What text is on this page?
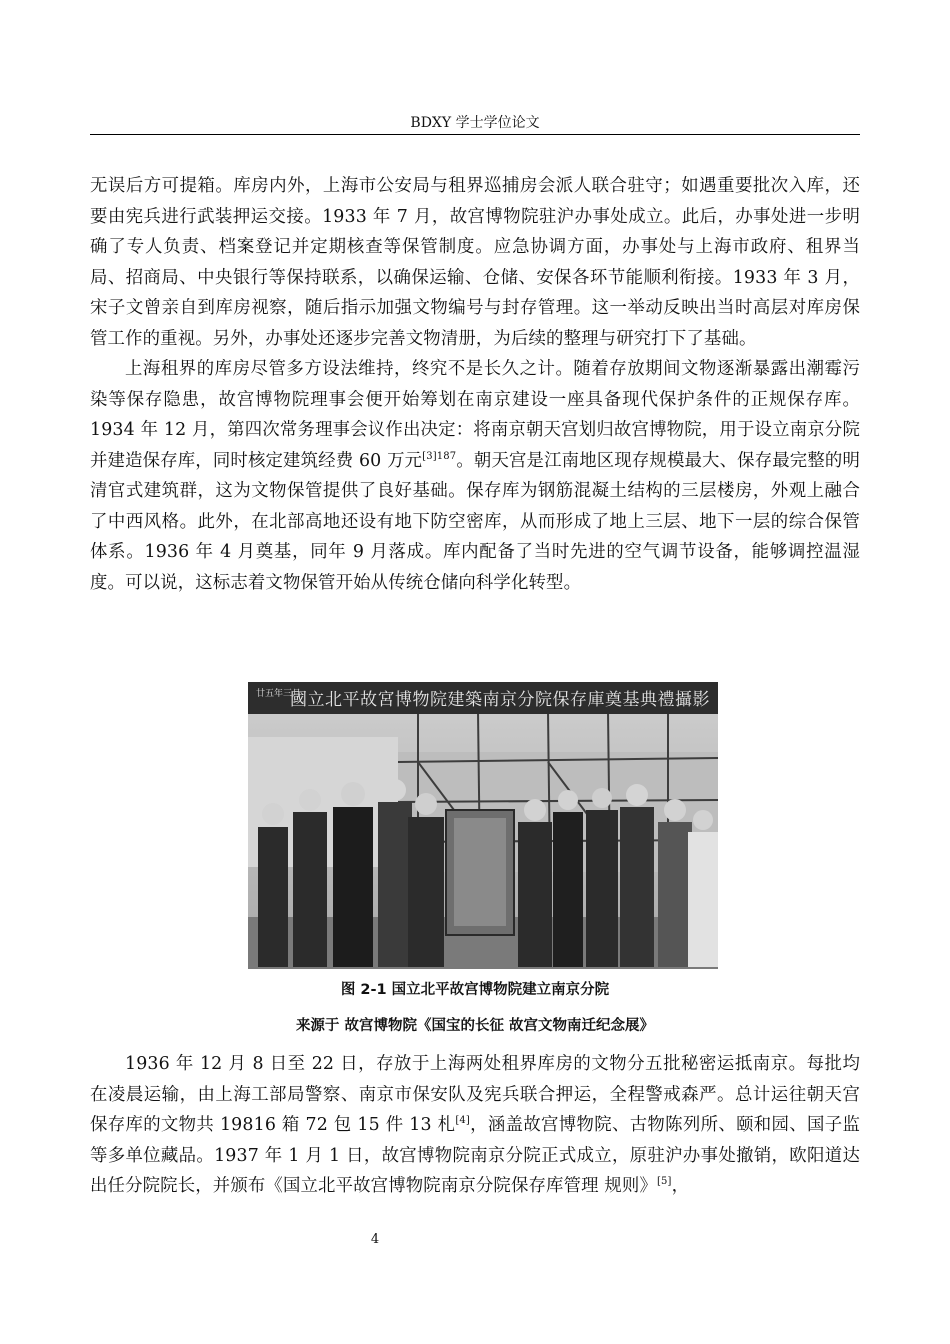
BDXY 学士学位论文

无误后方可提箱。库房内外，上海市公安局与租界巡捕房会派人联合驻守；如遇重要批次入库，还要由宪兵进行武装押运交接。1933 年 7 月，故宫博物院驻沪办事处成立。此后，办事处进一步明确了专人负责、档案登记并定期核查等保管制度。应急协调方面，办事处与上海市政府、租界当局、招商局、中央银行等保持联系，以确保运输、仓储、安保各环节能顺利衔接。1933 年 3 月，宋子文曾亲自到库房视察，随后指示加强文物编号与封存管理。这一举动反映出当时高层对库房保管工作的重视。另外，办事处还逐步完善文物清册，为后续的整理与研究打下了基础。

上海租界的库房尽管多方设法维持，终究不是长久之计。随着存放期间文物逐渐暴露出潮霉污染等保存隐患，故宫博物院理事会便开始筹划在南京建设一座具备现代保护条件的正规保存库。1934 年 12 月，第四次常务理事会议作出决定：将南京朝天宫划归故宫博物院，用于设立南京分院并建造保存库，同时核定建筑经费 60 万元$^{[3]187}$。朝天宫是江南地区现存规模最大、保存最完整的明清官式建筑群，这为文物保管提供了良好基础。保存库为钢筋混凝土结构的三层楼房，外观上融合了中西风格。此外，在北部高地还设有地下防空密库，从而形成了地上三层、地下一层的综合保管体系。1936 年 4 月奠基，同年 9 月落成。库内配备了当时先进的空气调节设备，能够调控温湿度。可以说，这标志着文物保管开始从传统仓储向科学化转型。

國立北平故宮博物院建築南京分院保存庫奠基典禮攝影
廿五年三月
图 2-1 国立北平故宫博物院建立南京分院
来源于 故宫博物院《国宝的长征 故宫文物南迁纪念展》

1936 年 12 月 8 日至 22 日，存放于上海两处租界库房的文物分五批秘密运抵南京。每批均在凌晨运输，由上海工部局警察、南京市保安队及宪兵联合押运，全程警戒森严。总计运往朝天宫保存库的文物共 19816 箱 72 包 15 件 13 札[4]，涵盖故宫博物院、古物陈列所、颐和园、国子监等多单位藏品。1937 年 1 月 1 日，故宫博物院南京分院正式成立，原驻沪办事处撤销，欧阳道达出任分院院长，并颁布《国立北平故宫博物院南京分院保存库管理 规则》[5]，

4
